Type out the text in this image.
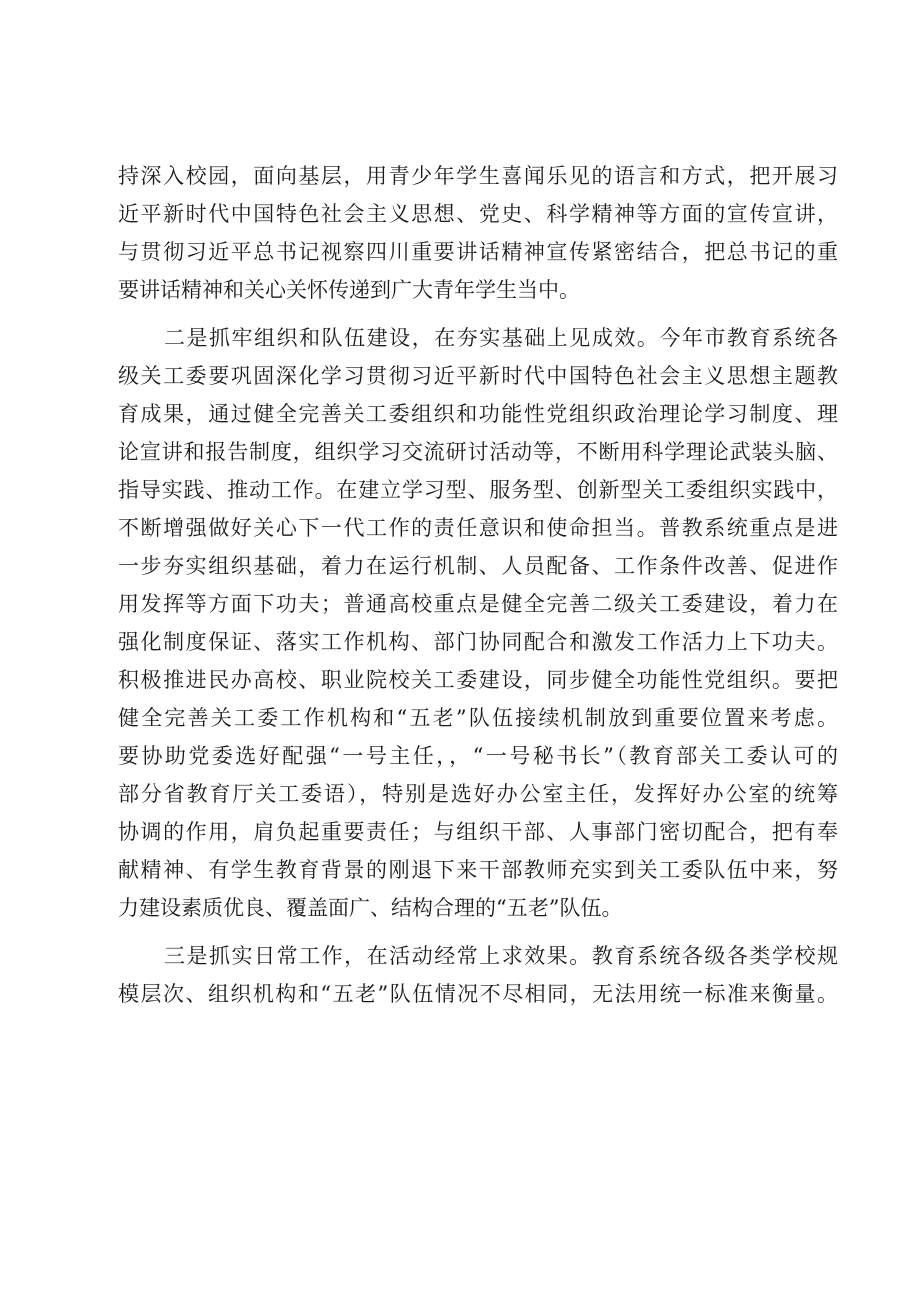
持深入校园，面向基层，用青少年学生喜闻乐见的语言和方式，把开展习
近平新时代中国特色社会主义思想、党史、科学精神等方面的宣传宣讲，
与贯彻习近平总书记视察四川重要讲话精神宣传紧密结合，把总书记的重
要讲话精神和关心关怀传递到广大青年学生当中。
二是抓牢组织和队伍建设，在夯实基础上见成效。今年市教育系统各
级关工委要巩固深化学习贯彻习近平新时代中国特色社会主义思想主题教
育成果，通过健全完善关工委组织和功能性党组织政治理论学习制度、理
论宣讲和报告制度，组织学习交流研讨活动等，不断用科学理论武装头脑、
指导实践、推动工作。在建立学习型、服务型、创新型关工委组织实践中，
不断增强做好关心下一代工作的责任意识和使命担当。普教系统重点是进
一步夯实组织基础，着力在运行机制、人员配备、工作条件改善、促进作
用发挥等方面下功夫；普通高校重点是健全完善二级关工委建设，着力在
强化制度保证、落实工作机构、部门协同配合和激发工作活力上下功夫。
积极推进民办高校、职业院校关工委建设，同步健全功能性党组织。要把
健全完善关工委工作机构和“五老”队伍接续机制放到重要位置来考虑。
要协助党委选好配强“一号主任，，“一号秘书长”（教育部关工委认可的
部分省教育厅关工委语），特别是选好办公室主任，发挥好办公室的统筹
协调的作用，肩负起重要责任；与组织干部、人事部门密切配合，把有奉
献精神、有学生教育背景的刚退下来干部教师充实到关工委队伍中来，努
力建设素质优良、覆盖面广、结构合理的“五老”队伍。
三是抓实日常工作，在活动经常上求效果。教育系统各级各类学校规
模层次、组织机构和“五老”队伍情况不尽相同，无法用统一标准来衡量。
